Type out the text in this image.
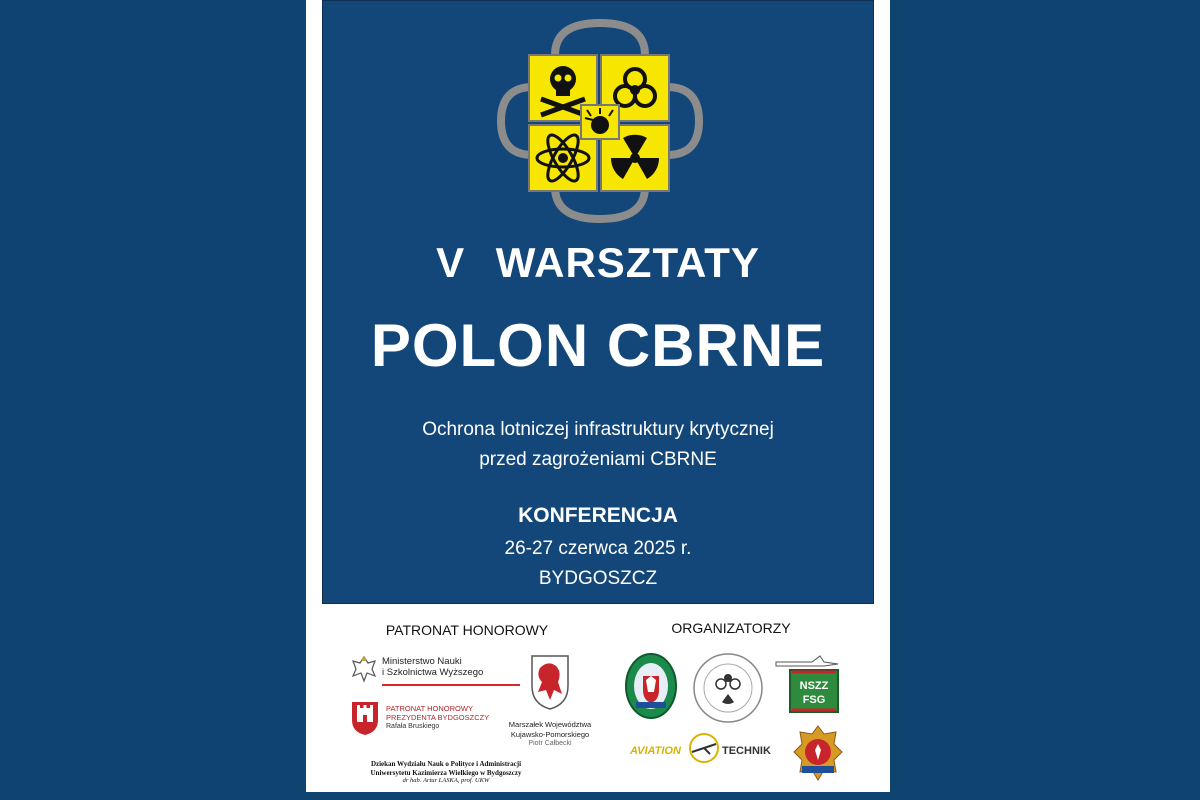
V WARSZTATY
POLON CBRNE
Ochrona lotniczej infrastruktury krytycznej
przed zagrożeniami CBRNE
KONFERENCJA
26-27 czerwca 2025 r.
BYDGOSZCZ
PATRONAT HONOROWY
Ministerstwo Nauki
i Szkolnictwa Wyższego
PATRONAT HONOROWY
PREZYDENTA BYDGOSZCZY
Rafała Bruskiego	Marszałek Województwa
Kujawsko-Pomorskiego
Piotr Całbecki
Dziekan Wydziału Nauk o Polityce i Administracji
Uniwersytetu Kazimierza Wielkiego w Bydgoszczy
dr hab. Artur LASKA, prof. UKW
ORGANIZATORZY
NSZZ
FSG
AVIATION	TECHNIK
